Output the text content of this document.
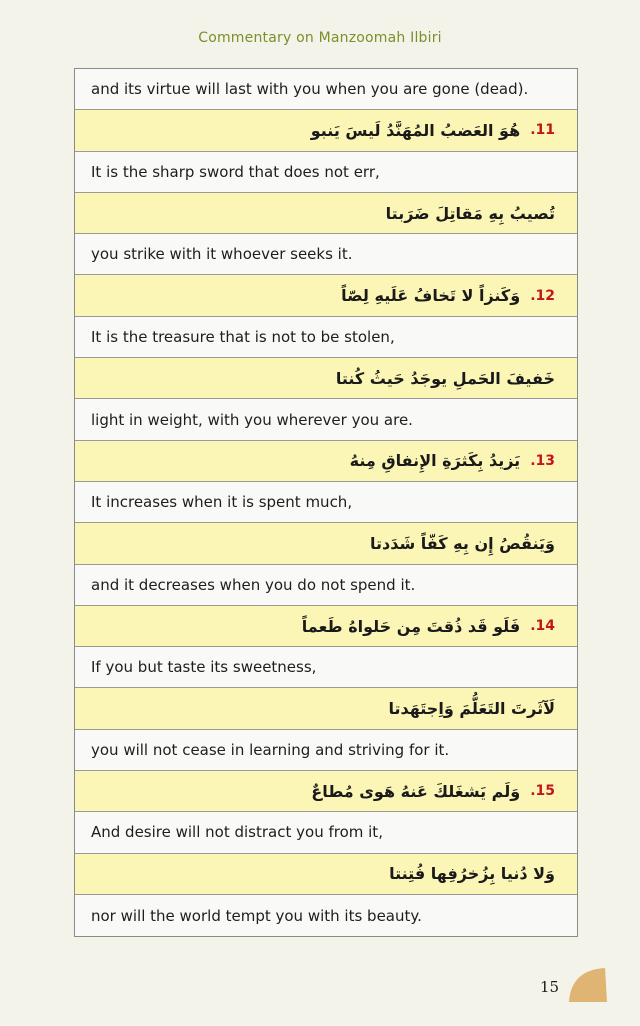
Commentary on Manzoomah Ilbiri
and its virtue will last with you when you are gone (dead).
هُوَ العَضبُ المُهَنَّدُ لَيسَ يَنبو .11
It is the sharp sword that does not err,
تُصيبُ بِهِ مَقاتِلَ ضَرَبتا
you strike with it whoever seeks it.
وَكَنزاً لا تَخافُ عَلَيهِ لِصّاً .12
It is the treasure that is not to be stolen,
خَفيفَ الحَملِ يوجَدُ حَيثُ كُنتا
light in weight, with you wherever you are.
يَزيدُ بِكَثرَةِ الإِنفاقِ مِنهُ .13
It increases when it is spent much,
وَيَنقُصُ إِن بِهِ كَفّاً شَدَدتا
and it decreases when you do not spend it.
فَلَو قَد ذُقتَ مِن حَلواهُ طَعماً .14
If you but taste its sweetness,
لَآثَرتَ التَعَلُّمَ وَاِجتَهَدتا
you will not cease in learning and striving for it.
وَلَم يَشغَلكَ عَنهُ هَوى مُطاعٌ .15
And desire will not distract you from it,
وَلا دُنيا بِزُخرُفِها فُتِنتا
nor will the world tempt you with its beauty.
15
